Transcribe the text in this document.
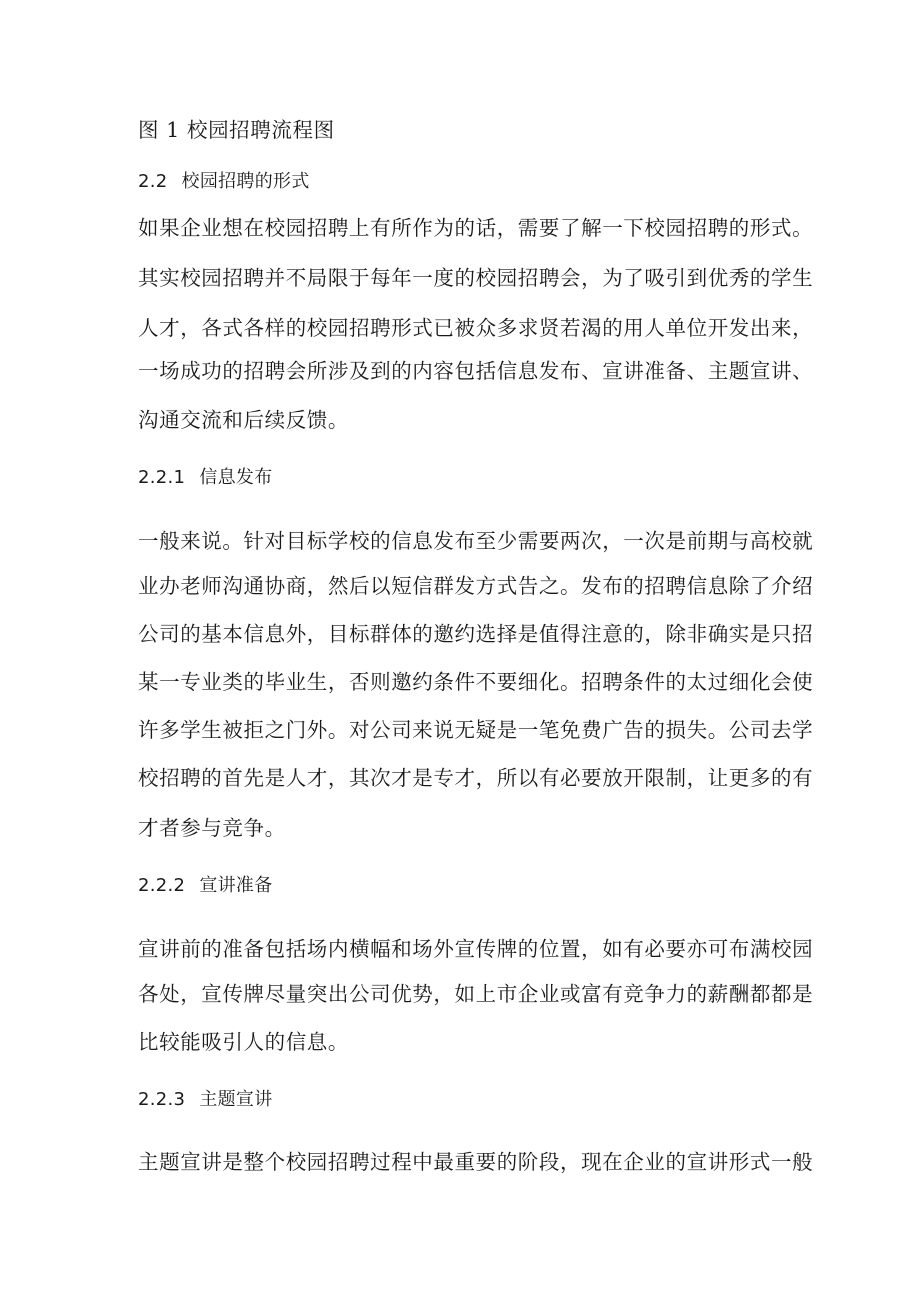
图 1 校园招聘流程图
2.2 校园招聘的形式
如果企业想在校园招聘上有所作为的话，需要了解一下校园招聘的形式。
其实校园招聘并不局限于每年一度的校园招聘会，为了吸引到优秀的学生
人才，各式各样的校园招聘形式已被众多求贤若渴的用人单位开发出来，
一场成功的招聘会所涉及到的内容包括信息发布、宣讲准备、主题宣讲、
沟通交流和后续反馈。
2.2.1 信息发布
一般来说。针对目标学校的信息发布至少需要两次，一次是前期与高校就
业办老师沟通协商，然后以短信群发方式告之。发布的招聘信息除了介绍
公司的基本信息外，目标群体的邀约选择是值得注意的，除非确实是只招
某一专业类的毕业生，否则邀约条件不要细化。招聘条件的太过细化会使
许多学生被拒之门外。对公司来说无疑是一笔免费广告的损失。公司去学
校招聘的首先是人才，其次才是专才，所以有必要放开限制，让更多的有
才者参与竞争。
2.2.2 宣讲准备
宣讲前的准备包括场内横幅和场外宣传牌的位置，如有必要亦可布满校园
各处，宣传牌尽量突出公司优势，如上市企业或富有竞争力的薪酬都都是
比较能吸引人的信息。
2.2.3 主题宣讲
主题宣讲是整个校园招聘过程中最重要的阶段，现在企业的宣讲形式一般
